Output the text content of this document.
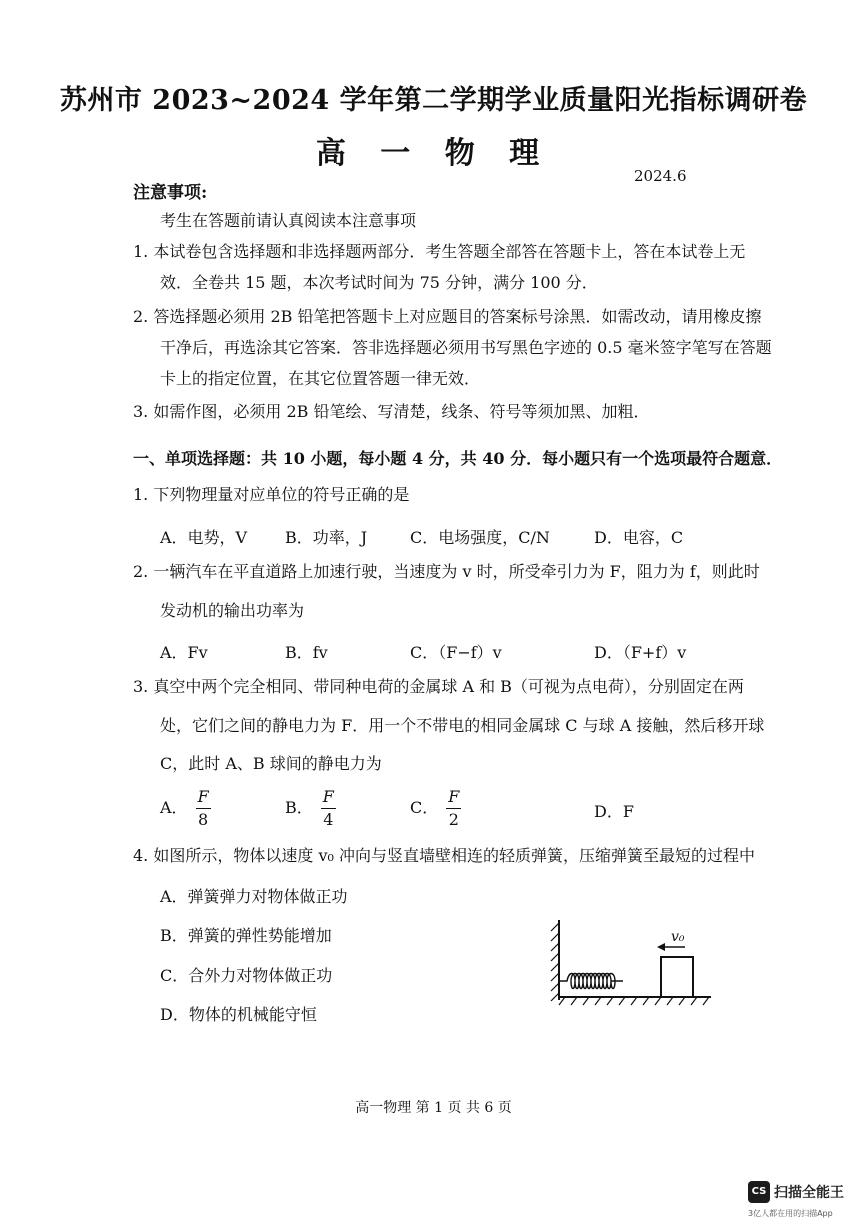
苏州市 2023~2024 学年第二学期学业质量阳光指标调研卷
高 一 物 理
2024.6
注意事项:
考生在答题前请认真阅读本注意事项
1. 本试卷包含选择题和非选择题两部分．考生答题全部答在答题卡上，答在本试卷上无
效．全卷共 15 题，本次考试时间为 75 分钟，满分 100 分．
2. 答选择题必须用 2B 铅笔把答题卡上对应题目的答案标号涂黑．如需改动，请用橡皮擦
干净后，再选涂其它答案．答非选择题必须用书写黑色字迹的 0.5 毫米签字笔写在答题
卡上的指定位置，在其它位置答题一律无效．
3. 如需作图，必须用 2B 铅笔绘、写清楚，线条、符号等须加黑、加粗．
一、单项选择题：共 10 小题，每小题 4 分，共 40 分．每小题只有一个选项最符合题意．
1. 下列物理量对应单位的符号正确的是
A．电势，V B．功率，J	C．电场强度，C/N	D．电容，C
2. 一辆汽车在平直道路上加速行驶，当速度为 v 时，所受牵引力为 F，阻力为 f，则此时
发动机的输出功率为
A．Fv	B．fv	C．（F−f）v	D．（F+f）v
3. 真空中两个完全相同、带同种电荷的金属球 A 和 B（可视为点电荷），分别固定在两
处，它们之间的静电力为 F．用一个不带电的相同金属球 C 与球 A 接触，然后移开球
C，此时 A、B 球间的静电力为
A． $\frac{F}{8}$	B． $\frac{F}{4}$	C． $\frac{F}{2}$	D．F
4. 如图所示，物体以速度 v₀ 冲向与竖直墙壁相连的轻质弹簧，压缩弹簧至最短的过程中
A．弹簧弹力对物体做正功
B．弹簧的弹性势能增加
C．合外力对物体做正功
D．物体的机械能守恒
v₀
高一物理 第 1 页 共 6 页
CS 扫描全能王
3亿人都在用的扫描App
